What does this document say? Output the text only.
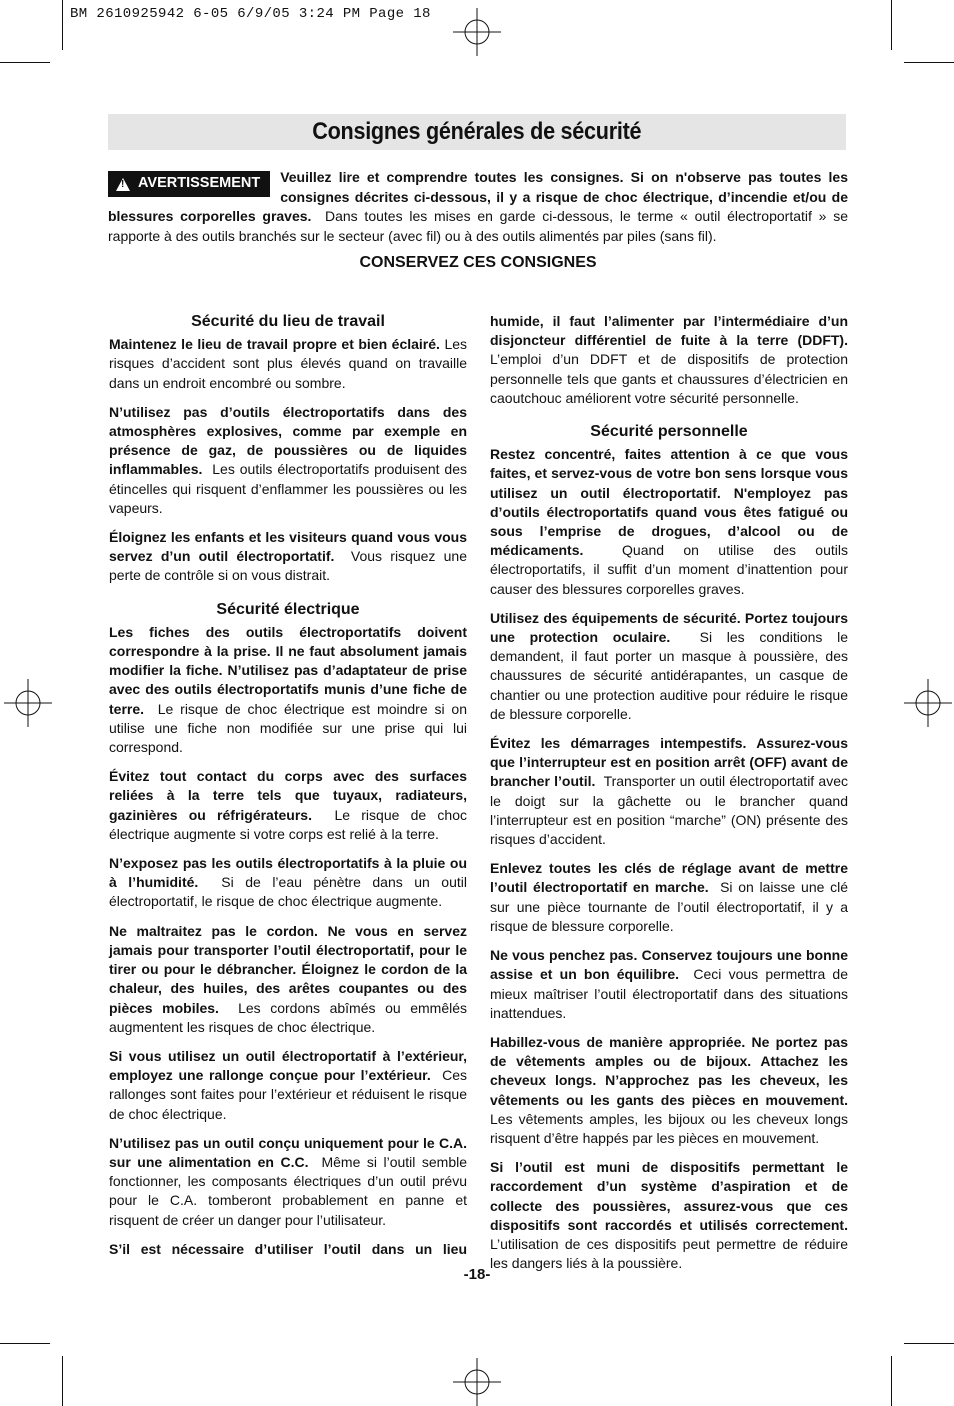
BM 2610925942 6-05 6/9/05 3:24 PM Page 18
Consignes générales de sécurité
!
AVERTISSEMENT Veuillez lire et comprendre toutes les consignes. Si on n'observe pas toutes les consignes décrites ci-dessous, il y a risque de choc électrique, d’incendie et/ou de blessures corporelles graves. Dans toutes les mises en garde ci-dessous, le terme « outil électroportatif » se rapporte à des outils branchés sur le secteur (avec fil) ou à des outils alimentés par piles (sans fil).
CONSERVEZ CES CONSIGNES
Sécurité du lieu de travail

Maintenez le lieu de travail propre et bien éclairé. Les risques d’accident sont plus élevés quand on travaille dans un endroit encombré ou sombre.

N’utilisez pas d’outils électroportatifs dans des atmosphères explosives, comme par exemple en présence de gaz, de poussières ou de liquides inflammables. Les outils électroportatifs produisent des étincelles qui risquent d’enflammer les poussières ou les vapeurs.

Éloignez les enfants et les visiteurs quand vous vous servez d’un outil électroportatif. Vous risquez une perte de contrôle si on vous distrait.

Sécurité électrique

Les fiches des outils électroportatifs doivent correspondre à la prise. Il ne faut absolument jamais modifier la fiche. N’utilisez pas d’adaptateur de prise avec des outils électroportatifs munis d’une fiche de terre. Le risque de choc électrique est moindre si on utilise une fiche non modifiée sur une prise qui lui correspond.

Évitez tout contact du corps avec des surfaces reliées à la terre tels que tuyaux, radiateurs, gazinières ou réfrigérateurs. Le risque de choc électrique augmente si votre corps est relié à la terre.

N’exposez pas les outils électroportatifs à la pluie ou à l’humidité. Si de l’eau pénètre dans un outil électroportatif, le risque de choc électrique augmente.

Ne maltraitez pas le cordon. Ne vous en servez jamais pour transporter l’outil électroportatif, pour le tirer ou pour le débrancher. Éloignez le cordon de la chaleur, des huiles, des arêtes coupantes ou des pièces mobiles. Les cordons abîmés ou emmêlés augmentent les risques de choc électrique.

Si vous utilisez un outil électroportatif à l’extérieur, employez une rallonge conçue pour l’extérieur. Ces rallonges sont faites pour l’extérieur et réduisent le risque de choc électrique.

N’utilisez pas un outil conçu uniquement pour le C.A. sur une alimentation en C.C. Même si l’outil semble fonctionner, les composants électriques d’un outil prévu pour le C.A. tomberont probablement en panne et risquent de créer un danger pour l’utilisateur.

S’il est nécessaire d’utiliser l’outil dans un lieu

humide, il faut l’alimenter par l’intermédiaire d’un disjoncteur différentiel de fuite à la terre (DDFT). L’emploi d’un DDFT et de dispositifs de protection personnelle tels que gants et chaussures d’électricien en caoutchouc améliorent votre sécurité personnelle.

Sécurité personnelle

Restez concentré, faites attention à ce que vous faites, et servez-vous de votre bon sens lorsque vous utilisez un outil électroportatif. N'employez pas d’outils électroportatifs quand vous êtes fatigué ou sous l’emprise de drogues, d’alcool ou de médicaments.	Quand on utilise des outils électroportatifs, il suffit d’un moment d’inattention pour causer des blessures corporelles graves.

Utilisez des équipements de sécurité. Portez toujours une protection oculaire. Si les conditions le demandent, il faut porter un masque à poussière, des chaussures de sécurité antidérapantes, un casque de chantier ou une protection auditive pour réduire le risque de blessure corporelle.

Évitez les démarrages intempestifs. Assurez-vous que l’interrupteur est en position arrêt (OFF) avant de brancher l’outil. Transporter un outil électroportatif avec le doigt sur la gâchette ou le brancher quand l’interrupteur est en position “marche” (ON) présente des risques d’accident.

Enlevez toutes les clés de réglage avant de mettre l’outil électroportatif en marche. Si on laisse une clé sur une pièce tournante de l’outil électroportatif, il y a risque de blessure corporelle.

Ne vous penchez pas. Conservez toujours une bonne assise et un bon équilibre. Ceci vous permettra de mieux maîtriser l’outil électroportatif dans des situations inattendues.

Habillez-vous de manière appropriée. Ne portez pas de vêtements amples ou de bijoux. Attachez les cheveux longs. N’approchez pas les cheveux, les vêtements ou les gants des pièces en mouvement. Les vêtements amples, les bijoux ou les cheveux longs risquent d’être happés par les pièces en mouvement.

Si l’outil est muni de dispositifs permettant le raccordement d’un système d’aspiration et de collecte des poussières, assurez-vous que ces dispositifs sont raccordés et utilisés correctement. L’utilisation de ces dispositifs peut permettre de réduire les dangers liés à la poussière.

-18-
